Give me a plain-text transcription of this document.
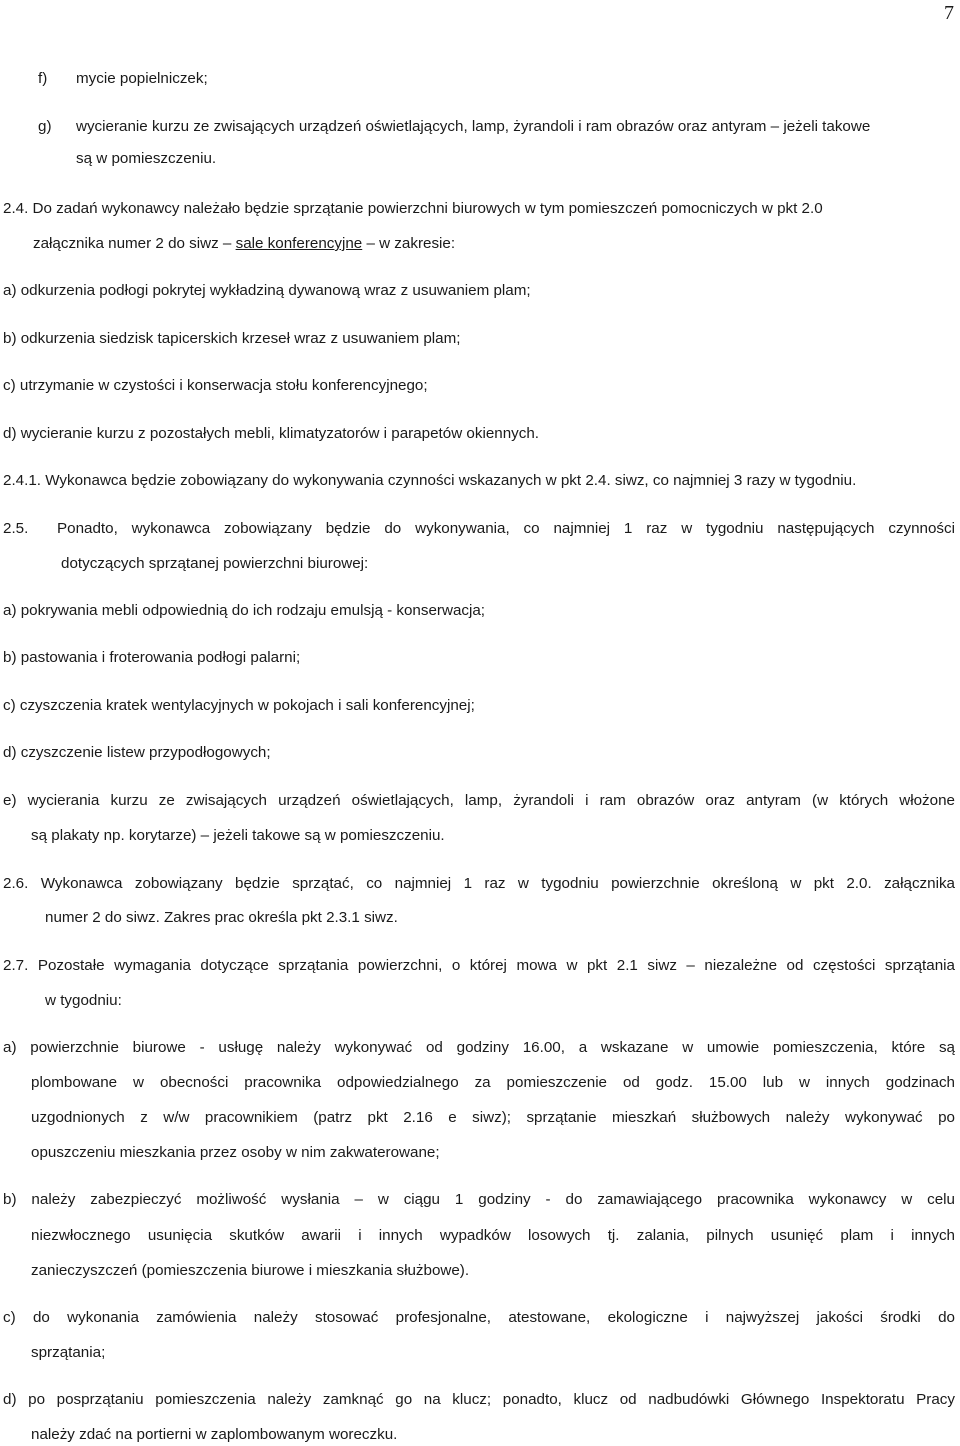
7
f) mycie popielniczek;
g) wycieranie kurzu ze zwisających urządzeń oświetlających, lamp, żyrandoli i ram obrazów oraz antyram – jeżeli takowe
są w pomieszczeniu.
2.4. Do zadań wykonawcy należało będzie sprzątanie powierzchni biurowych w tym pomieszczeń pomocniczych w pkt 2.0
załącznika numer 2 do siwz – sale konferencyjne – w zakresie:
a) odkurzenia podłogi pokrytej wykładziną dywanową wraz z usuwaniem plam;
b) odkurzenia siedzisk tapicerskich krzeseł wraz z usuwaniem plam;
c) utrzymanie w czystości i konserwacja stołu konferencyjnego;
d) wycieranie kurzu z pozostałych mebli, klimatyzatorów i parapetów okiennych.
2.4.1. Wykonawca będzie zobowiązany do wykonywania czynności wskazanych w pkt 2.4. siwz, co najmniej 3 razy w tygodniu.
2.5. Ponadto, wykonawca zobowiązany będzie do wykonywania, co najmniej 1 raz w tygodniu następujących czynności
dotyczących sprzątanej powierzchni biurowej:
a) pokrywania mebli odpowiednią do ich rodzaju emulsją - konserwacja;
b) pastowania i froterowania podłogi palarni;
c) czyszczenia kratek wentylacyjnych w pokojach i sali konferencyjnej;
d) czyszczenie listew przypodłogowych;
e) wycierania kurzu ze zwisających urządzeń oświetlających, lamp, żyrandoli i ram obrazów oraz antyram (w których włożone
są plakaty np. korytarze) – jeżeli takowe są w pomieszczeniu.
2.6. Wykonawca zobowiązany będzie sprzątać, co najmniej 1 raz w tygodniu powierzchnie określoną w pkt 2.0. załącznika
numer 2 do siwz. Zakres prac określa pkt 2.3.1 siwz.
2.7. Pozostałe wymagania dotyczące sprzątania powierzchni, o której mowa w pkt 2.1 siwz – niezależne od częstości sprzątania
w tygodniu:
a) powierzchnie biurowe - usługę należy wykonywać od godziny 16.00, a wskazane w umowie pomieszczenia, które są
plombowane w obecności pracownika odpowiedzialnego za pomieszczenie od godz. 15.00 lub w innych godzinach
uzgodnionych z w/w pracownikiem (patrz pkt 2.16 e siwz); sprzątanie mieszkań służbowych należy wykonywać po
opuszczeniu mieszkania przez osoby w nim zakwaterowane;
b) należy zabezpieczyć możliwość wysłania – w ciągu 1 godziny - do zamawiającego pracownika wykonawcy w celu
niezwłocznego usunięcia skutków awarii i innych wypadków losowych tj. zalania, pilnych usunięć plam i innych
zanieczyszczeń (pomieszczenia biurowe i mieszkania służbowe).
c) do wykonania zamówienia należy stosować profesjonalne, atestowane, ekologiczne i najwyższej jakości środki do
sprzątania;
d) po posprzątaniu pomieszczenia należy zamknąć go na klucz; ponadto, klucz od nadbudówki Głównego Inspektoratu Pracy
należy zdać na portierni w zaplombowanym woreczku.
